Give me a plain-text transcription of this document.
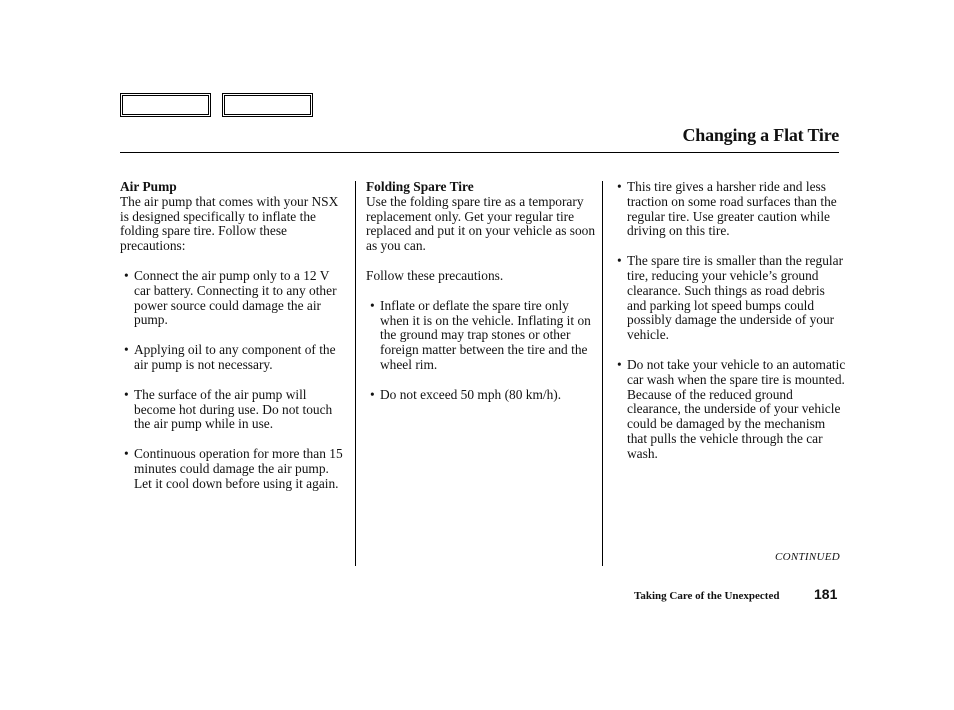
Changing a Flat Tire
Air Pump
The air pump that comes with your NSX is designed specifically to inflate the folding spare tire. Follow these precautions:
• Connect the air pump only to a 12 V car battery. Connecting it to any other power source could damage the air pump.
• Applying oil to any component of the air pump is not necessary.
• The surface of the air pump will become hot during use. Do not touch the air pump while in use.
• Continuous operation for more than 15 minutes could damage the air pump. Let it cool down before using it again.
Folding Spare Tire
Use the folding spare tire as a temporary replacement only. Get your regular tire replaced and put it on your vehicle as soon as you can.
Follow these precautions.
• Inflate or deflate the spare tire only when it is on the vehicle. Inflating it on the ground may trap stones or other foreign matter between the tire and the wheel rim.
• Do not exceed 50 mph (80 km/h).
• This tire gives a harsher ride and less traction on some road surfaces than the regular tire. Use greater caution while driving on this tire.
• The spare tire is smaller than the regular tire, reducing your vehicle’s ground clearance. Such things as road debris and parking lot speed bumps could possibly damage the underside of your vehicle.
• Do not take your vehicle to an automatic car wash when the spare tire is mounted. Because of the reduced ground clearance, the underside of your vehicle could be damaged by the mechanism that pulls the vehicle through the car wash.
CONTINUED
Taking Care of the Unexpected 181
